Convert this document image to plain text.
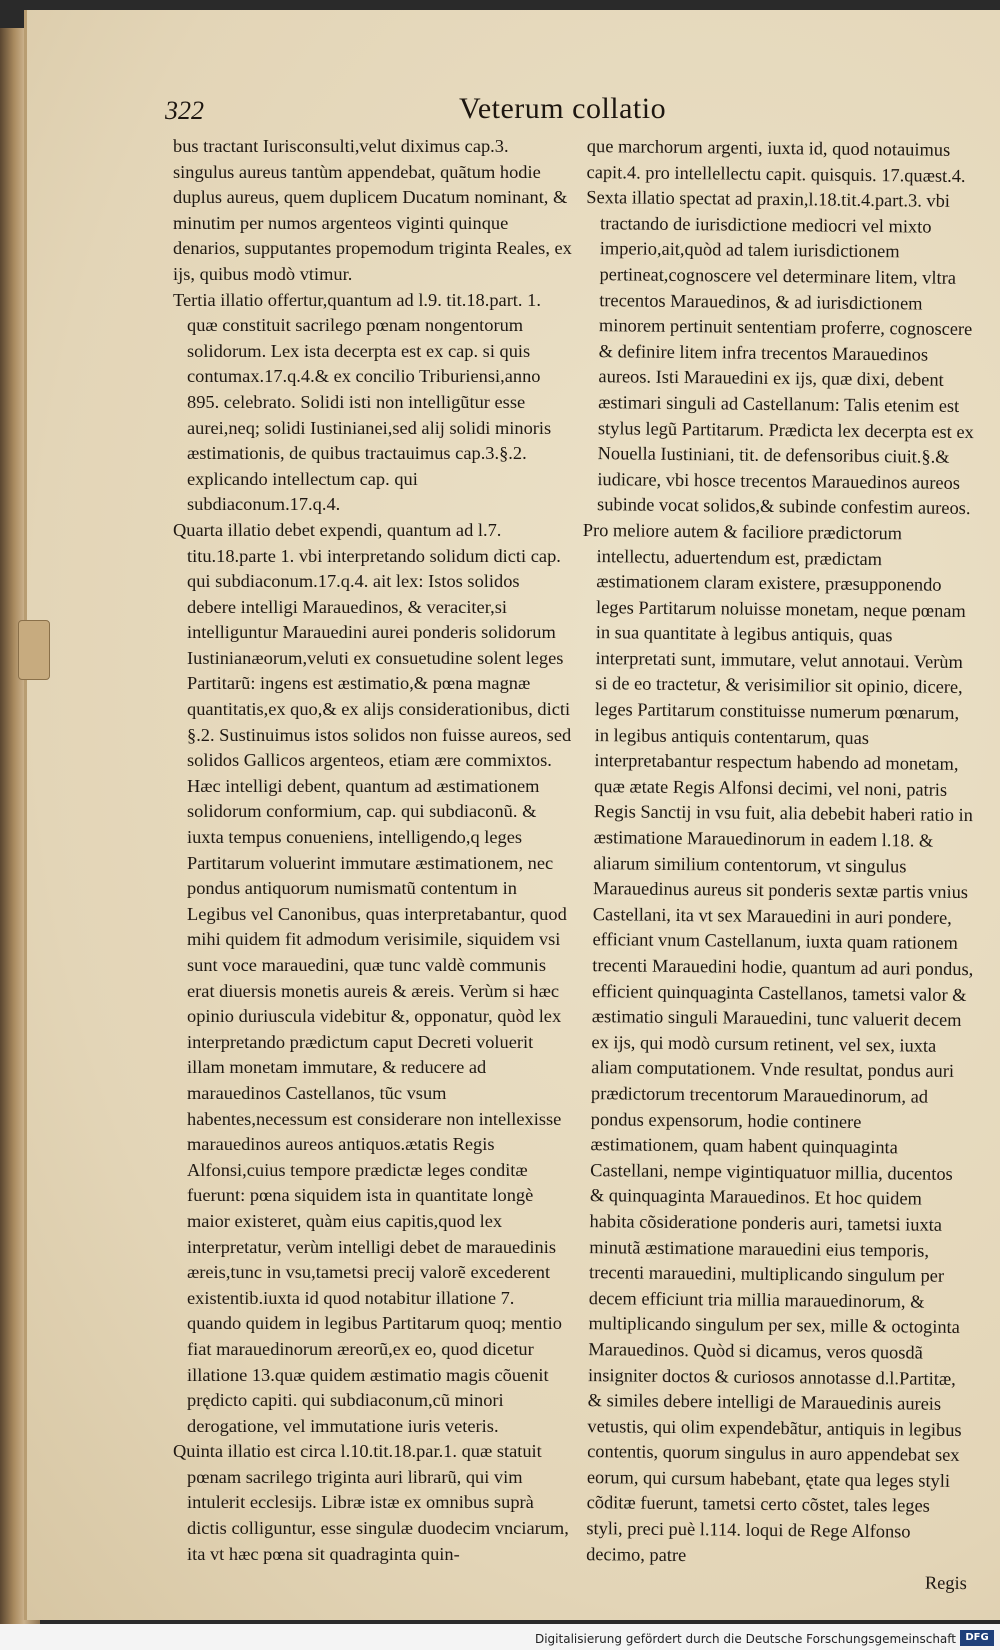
322	Veterum collatio

bus tractant Iurisconsulti,velut diximus cap.3. singulus aureus tantùm appendebat, quãtum hodie duplus aureus, quem duplicem Ducatum nominant, & minutim per numos argenteos viginti quinque denarios, supputantes propemodum triginta Reales, ex ijs, quibus modò vtimur.

Tertia illatio offertur,quantum ad l.9. tit.18.part. 1. quæ constituit sacrilego pœnam nongentorum solidorum. Lex ista decerpta est ex cap. si quis contumax.17.q.4.& ex concilio Triburiensi,anno 895. celebrato. Solidi isti non intelligũtur esse aurei,neq; solidi Iustinianei,sed alij solidi minoris æstimationis, de quibus tractauimus cap.3.§.2. explicando intellectum cap. qui subdiaconum.17.q.4.

Quarta illatio debet expendi, quantum ad l.7. titu.18.parte 1. vbi interpretando solidum dicti cap. qui subdiaconum.17.q.4. ait lex: Istos solidos debere intelligi Marauedinos, & veraciter,si intelliguntur Marauedini aurei ponderis solidorum Iustinianæorum,veluti ex consuetudine solent leges Partitarũ: ingens est æstimatio,& pœna magnæ quantitatis,ex quo,& ex alijs considerationibus, dicti §.2. Sustinuimus istos solidos non fuisse aureos, sed solidos Gallicos argenteos, etiam ære commixtos. Hæc intelligi debent, quantum ad æstimationem solidorum conformium, cap. qui subdiaconũ. & iuxta tempus conueniens, intelligendo,q leges Partitarum voluerint immutare æstimationem, nec pondus antiquorum numismatũ contentum in Legibus vel Canonibus, quas interpretabantur, quod mihi quidem fit admodum verisimile, siquidem vsi sunt voce marauedini, quæ tunc valdè communis erat diuersis monetis aureis & æreis. Verùm si hæc opinio duriuscula videbitur &, opponatur, quòd lex interpretando prædictum caput Decreti voluerit illam monetam immutare, & reducere ad marauedinos Castellanos, tũc vsum habentes,necessum est considerare non intellexisse marauedinos aureos antiquos.ætatis Regis Alfonsi,cuius tempore prædictæ leges conditæ fuerunt: pœna siquidem ista in quantitate longè maior existeret, quàm eius capitis,quod lex interpretatur, verùm intelligi debet de marauedinis æreis,tunc in vsu,tametsi precij valorẽ excederent existentib.iuxta id quod notabitur illatione 7. quando quidem in legibus Partitarum quoq; mentio fiat marauedinorum æreorũ,ex eo, quod dicetur illatione 13.quæ quidem æstimatio magis cõuenit prędicto capiti. qui subdiaconum,cũ minori derogatione, vel immutatione iuris veteris.

Quinta illatio est circa l.10.tit.18.par.1. quæ statuit pœnam sacrilego triginta auri librarũ, qui vim intulerit ecclesijs. Libræ istæ ex omnibus suprà dictis colliguntur, esse singulæ duodecim vnciarum, ita vt hæc pœna sit quadraginta quin-

que marchorum argenti, iuxta id, quod notauimus capit.4. pro intellellectu capit. quisquis. 17.quæst.4.

Sexta illatio spectat ad praxin,l.18.tit.4.part.3. vbi tractando de iurisdictione mediocri vel mixto imperio,ait,quòd ad talem iurisdictionem pertineat,cognoscere vel determinare litem, vltra trecentos Marauedinos, & ad iurisdictionem minorem pertinuit sententiam proferre, cognoscere & definire litem infra trecentos Marauedinos aureos. Isti Marauedini ex ijs, quæ dixi, debent æstimari singuli ad Castellanum: Talis etenim est stylus legũ Partitarum. Prædicta lex decerpta est ex Nouella Iustiniani, tit. de defensoribus ciuit.§.& iudicare, vbi hosce trecentos Marauedinos aureos subinde vocat solidos,& subinde confestim aureos.

Pro meliore autem & faciliore prædictorum intellectu, aduertendum est, prædictam æstimationem claram existere, præsupponendo leges Partitarum noluisse monetam, neque pœnam in sua quantitate à legibus antiquis, quas interpretati sunt, immutare, velut annotaui. Verùm si de eo tractetur, & verisimilior sit opinio, dicere, leges Partitarum constituisse numerum pœnarum, in legibus antiquis contentarum, quas interpretabantur respectum habendo ad monetam, quæ ætate Regis Alfonsi decimi, vel noni, patris Regis Sanctij in vsu fuit, alia debebit haberi ratio in æstimatione Marauedinorum in eadem l.18. & aliarum similium contentorum, vt singulus Marauedinus aureus sit ponderis sextæ partis vnius Castellani, ita vt sex Marauedini in auri pondere, efficiant vnum Castellanum, iuxta quam rationem trecenti Marauedini hodie, quantum ad auri pondus, efficient quinquaginta Castellanos, tametsi valor & æstimatio singuli Marauedini, tunc valuerit decem ex ijs, qui modò cursum retinent, vel sex, iuxta aliam computationem. Vnde resultat, pondus auri prædictorum trecentorum Marauedinorum, ad pondus expensorum, hodie continere æstimationem, quam habent quinquaginta Castellani, nempe vigintiquatuor millia, ducentos & quinquaginta Marauedinos. Et hoc quidem habita cõsideratione ponderis auri, tametsi iuxta minutã æstimatione marauedini eius temporis, trecenti marauedini, multiplicando singulum per decem efficiunt tria millia marauedinorum, & multiplicando singulum per sex, mille & octoginta Marauedinos. Quòd si dicamus, veros quosdã insigniter doctos & curiosos annotasse d.l.Partitæ, & similes debere intelligi de Marauedinis aureis vetustis, qui olim expendebãtur, antiquis in legibus contentis, quorum singulus in auro appendebat sex eorum, qui cursum habebant, ętate qua leges styli cõditæ fuerunt, tametsi certo cõstet, tales leges styli, preci puè l.114. loqui de Rege Alfonso decimo, patre

Regis

Digitalisierung gefördert durch die Deutsche Forschungsgemeinschaft DFG
